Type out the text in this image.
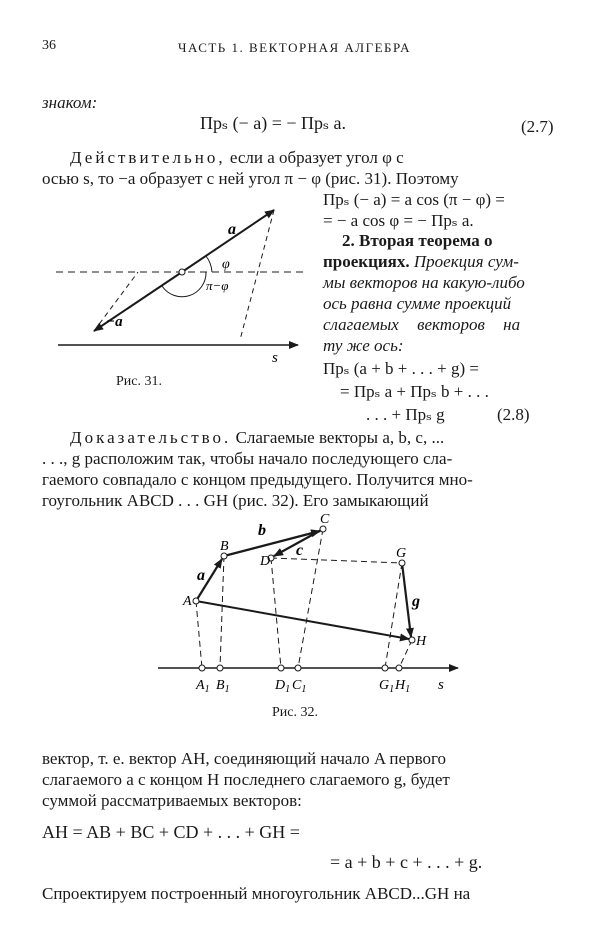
36	ЧАСТЬ 1. ВЕКТОРНАЯ АЛГЕБРА
знаком:
Прₛ (− a) = − Прₛ a.	(2.7)
Действительно, если a образует угол φ с
осью s, то −a образует с ней угол π − φ (рис. 31). Поэтому
Прₛ (− a) = a cos (π − φ) =
= − a cos φ = − Прₛ a.
2. Вторая теорема о
проекциях. Проекция сум-
мы векторов на какую-либо
ось равна сумме проекций
слагаемых векторов на
ту же ось:
Прₛ (a + b + . . . + g) =
= Прₛ a + Прₛ b + . . .
. . . + Прₛ g	(2.8)
a
−a
φ
π−φ
s
Рис. 31.
Доказательство. Слагаемые векторы a, b, c, ...
. . ., g расположим так, чтобы начало последующего сла-
гаемого совпадало с концом предыдущего. Получится мно-
гоугольник ABCD . . . GH (рис. 32). Его замыкающий
A
B
C
D
G
H
a
b
c
g
$A_1$ $B_1$	$D_1$ $C_1$	$G_1$ $H_1$ s
Рис. 32.
вектор, т. е. вектор AH, соединяющий начало A первого
слагаемого a с концом H последнего слагаемого g, будет
суммой рассматриваемых векторов:
AH = AB + BC + CD + . . . + GH =
= a + b + c + . . . + g.
Спроектируем построенный многоугольник ABCD...GH на
